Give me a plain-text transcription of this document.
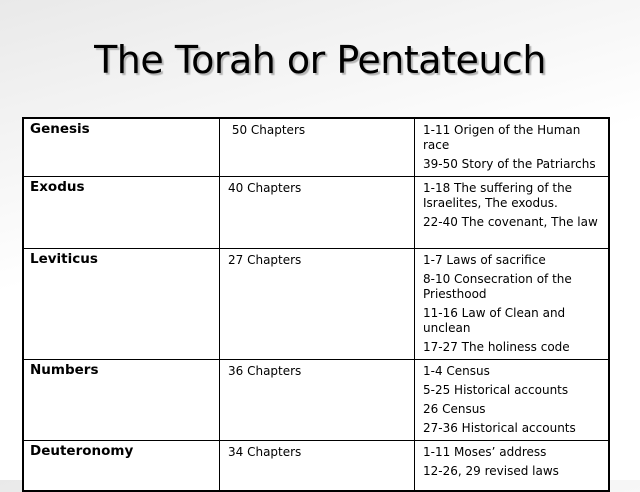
The Torah or Pentateuch
Genesis	50 Chapters	1-11 Origen of the Human race
39-50 Story of the Patriarchs

Exodus	40 Chapters	1-18 The suffering of the Israelites, The exodus.
22-40 The covenant, The law

Leviticus	27 Chapters	1-7 Laws of sacrifice
8-10 Consecration of the Priesthood
11-16 Law of Clean and unclean
17-27 The holiness code

Numbers	36 Chapters	1-4 Census
5-25 Historical accounts
26 Census
27-36 Historical accounts

Deuteronomy	34 Chapters	1-11 Moses’ address
12-26, 29 revised laws
